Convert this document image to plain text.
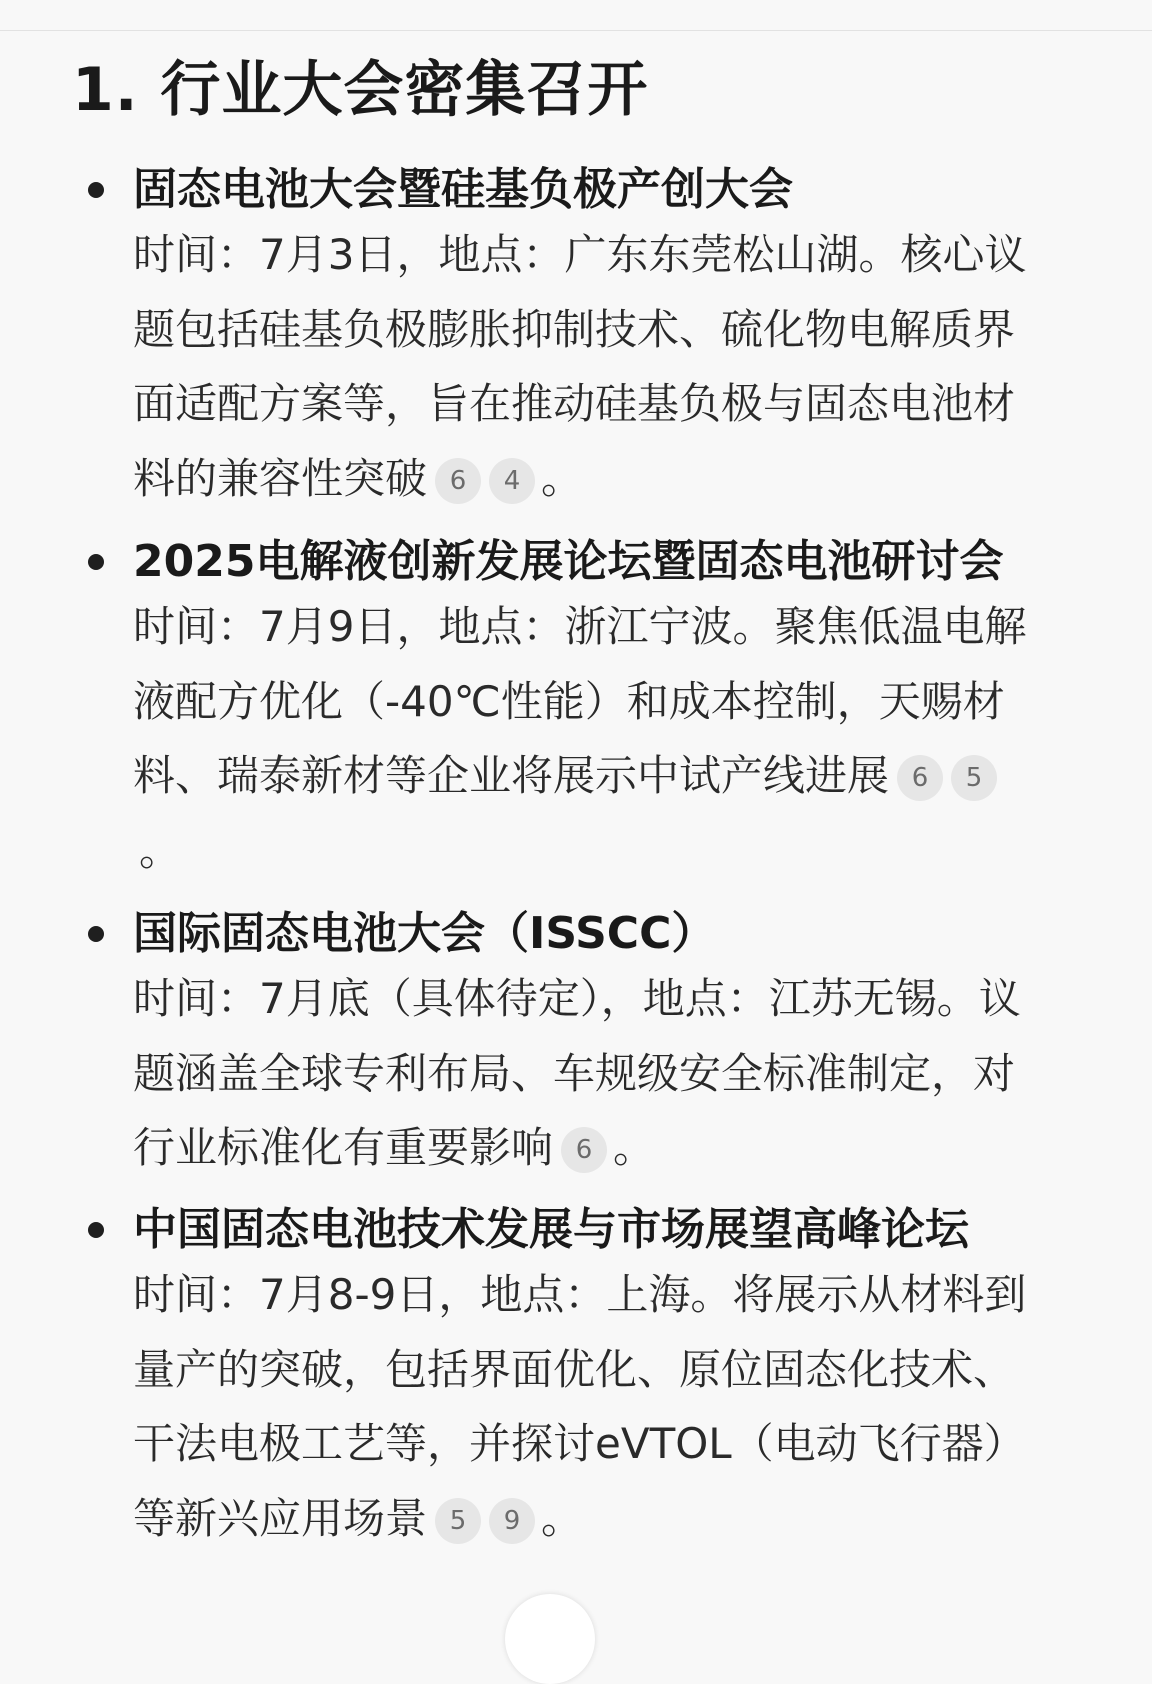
1. 行业大会密集召开
固态电池大会暨硅基负极产创大会

时间：7月3日，地点：广东东莞松山湖。核心议题包括硅基负极膨胀抑制技术、硫化物电解质界面适配方案等，旨在推动硅基负极与固态电池材料的兼容性突破 6 4 。

2025电解液创新发展论坛暨固态电池研讨会

时间：7月9日，地点：浙江宁波。聚焦低温电解液配方优化（-40℃性能）和成本控制，天赐材料、瑞泰新材等企业将展示中试产线进展 6 5。

国际固态电池大会（ISSCC）

时间：7月底（具体待定），地点：江苏无锡。议题涵盖全球专利布局、车规级安全标准制定，对行业标准化有重要影响 6 。

中国固态电池技术发展与市场展望高峰论坛

时间：7月8-9日，地点：上海。将展示从材料到量产的突破，包括界面优化、原位固态化技术、干法电极工艺等，并探讨eVTOL（电动飞行器）等新兴应用场景 5 9 。
